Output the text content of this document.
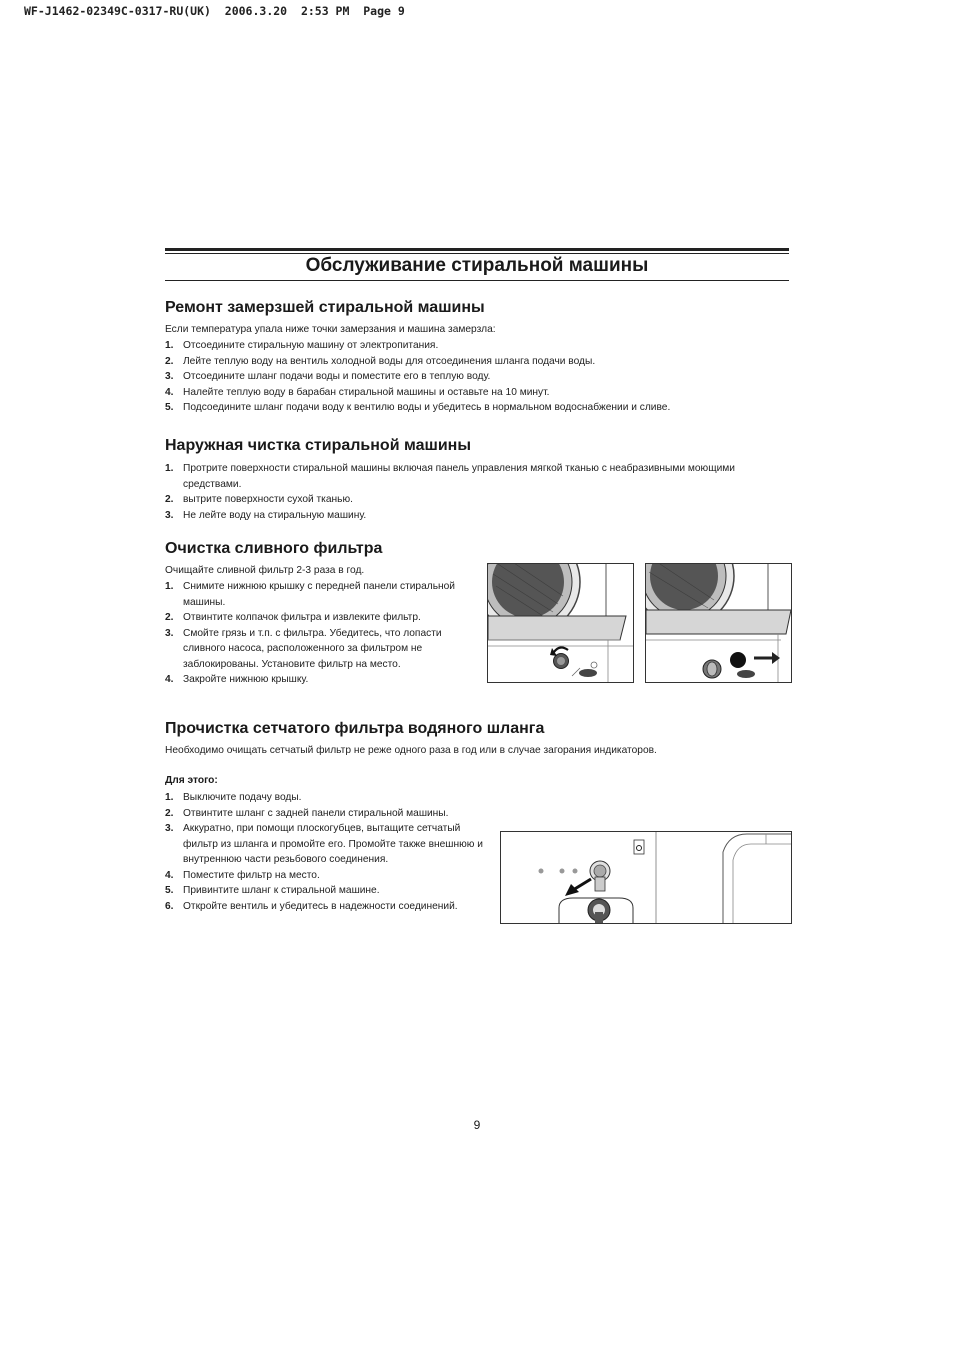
WF-J1462-02349C-0317-RU(UK)  2006.3.20  2:53 PM  Page 9
Обслуживание стиральной машины
Ремонт замерзшей стиральной машины

Если температура упала ниже точки замерзания и машина замерзла:

1. Отсоедините стиральную машину от электропитания.
2. Лейте теплую воду на вентиль холодной воды для отсоединения шланга подачи воды.
3. Отсоедините шланг подачи воды и поместите его в теплую воду.
4. Налейте теплую воду в барабан стиральной машины и оставьте на 10 минут.
5. Подсоедините шланг подачи воду к вентилю воды и убедитесь в нормальном водоснабжении и сливе.
Наружная чистка стиральной машины
1. Протрите поверхности стиральной машины включая панель управления мягкой тканью с неабразивными моющими средствами.
2. вытрите поверхности сухой тканью.
3. Не лейте воду на стиральную машину.
Очистка сливного фильтра

Очищайте сливной фильтр 2-3 раза в год.

1. Снимите нижнюю крышку с передней панели стиральной машины.
2. Отвинтите колпачок фильтра и извлеките фильтр.
3. Смойте грязь и т.п. с фильтра. Убедитесь, что лопасти сливного насоса, расположенного за фильтром не заблокированы. Установите фильтр на место.
4. Закройте нижнюю крышку.
Прочистка сетчатого фильтра водяного шланга

Необходимо очищать сетчатый фильтр не реже одного раза в год или в случае загорания индикаторов.

Для этого:

1. Выключите подачу воды.
2. Отвинтите шланг с задней панели стиральной машины.
3. Аккуратно, при помощи плоскогубцев, вытащите сетчатый фильтр из шланга и промойте его. Промойте также внешнюю и внутреннюю части резьбового соединения.
4. Поместите фильтр на место.
5. Привинтите шланг к стиральной машине.
6. Откройте вентиль и убедитесь в надежности соединений.
9
